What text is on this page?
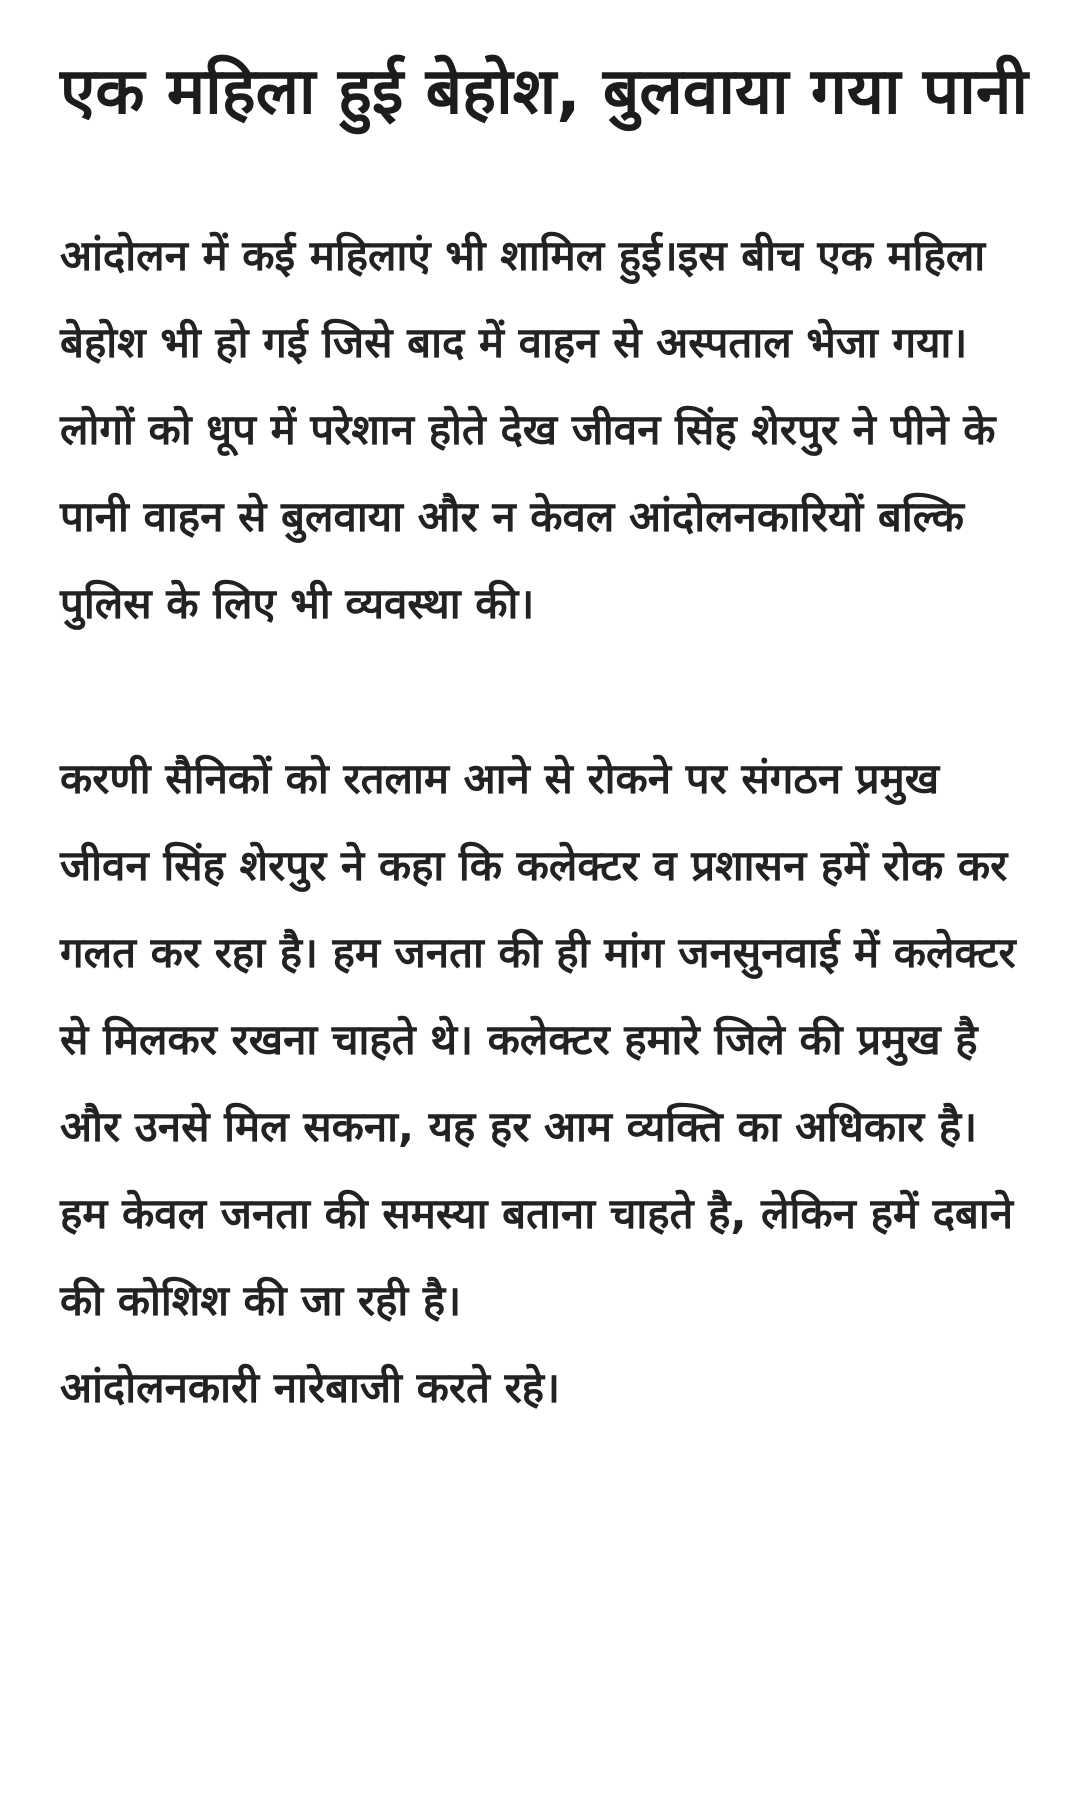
एक महिला हुई बेहोश, बुलवाया गया पानी

आंदोलन में कई महिलाएं भी शामिल हुई।इस बीच एक महिला बेहोश भी हो गई जिसे बाद में वाहन से अस्पताल भेजा गया। लोगों को धूप में परेशान होते देख जीवन सिंह शेरपुर ने पीने के पानी वाहन से बुलवाया और न केवल आंदोलनकारियों बल्कि पुलिस के लिए भी व्यवस्था की।

करणी सैनिकों को रतलाम आने से रोकने पर संगठन प्रमुख जीवन सिंह शेरपुर ने कहा कि कलेक्टर व प्रशासन हमें रोक कर गलत कर रहा है। हम जनता की ही मांग जनसुनवाई में कलेक्टर से मिलकर रखना चाहते थे। कलेक्टर हमारे जिले की प्रमुख है और उनसे मिल सकना, यह हर आम व्यक्ति का अधिकार है। हम केवल जनता की समस्या बताना चाहते है, लेकिन हमें दबाने की कोशिश की जा रही है।

आंदोलनकारी नारेबाजी करते रहे।
